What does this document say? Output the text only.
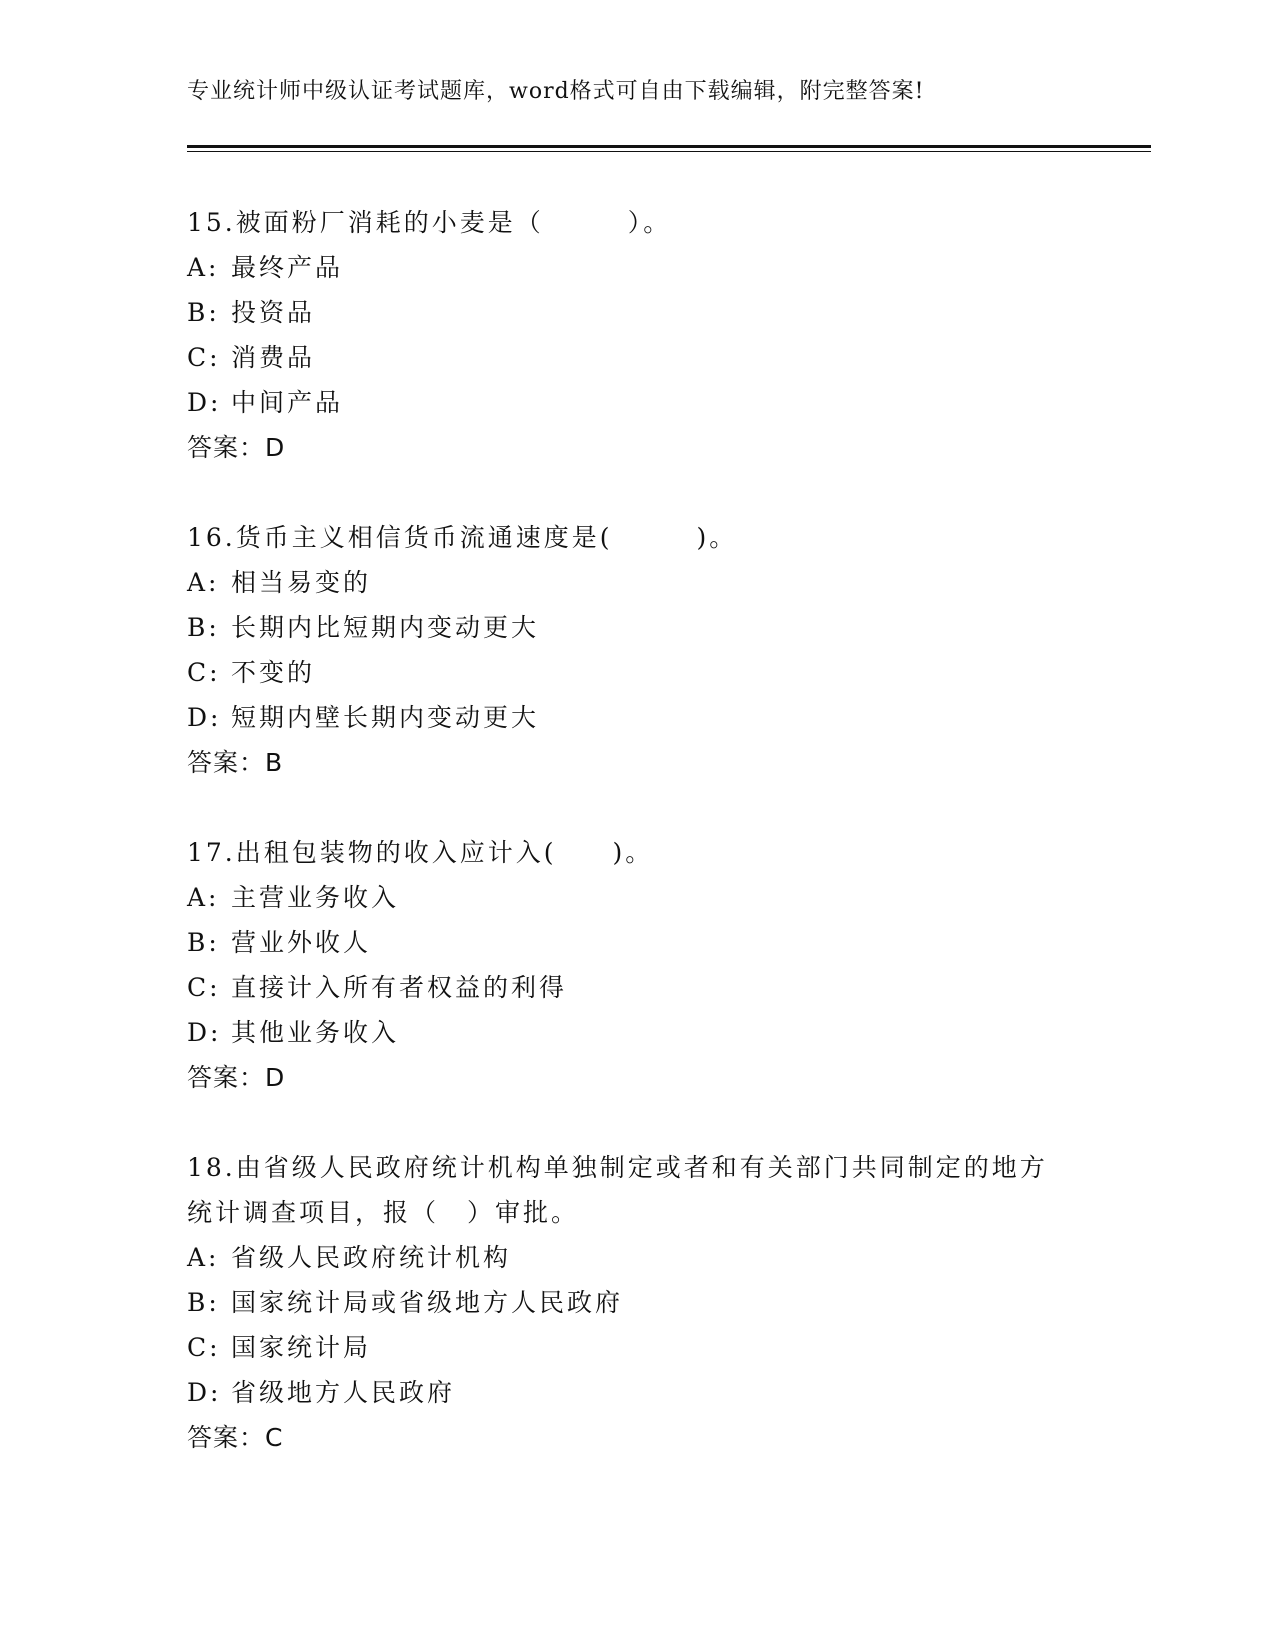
专业统计师中级认证考试题库，word格式可自由下载编辑，附完整答案!
15.被面粉厂消耗的小麦是（　　　）。
A: 最终产品
B: 投资品
C: 消费品
D: 中间产品
答案：D
16.货币主义相信货币流通速度是(　　　)。
A: 相当易变的
B: 长期内比短期内变动更大
C: 不变的
D: 短期内壁长期内变动更大
答案：B
17.出租包装物的收入应计入(　　)。
A: 主营业务收入
B: 营业外收人
C: 直接计入所有者权益的利得
D: 其他业务收入
答案：D
18.由省级人民政府统计机构单独制定或者和有关部门共同制定的地方统计调查项目，报（　）审批。
A: 省级人民政府统计机构
B: 国家统计局或省级地方人民政府
C: 国家统计局
D: 省级地方人民政府
答案：C
